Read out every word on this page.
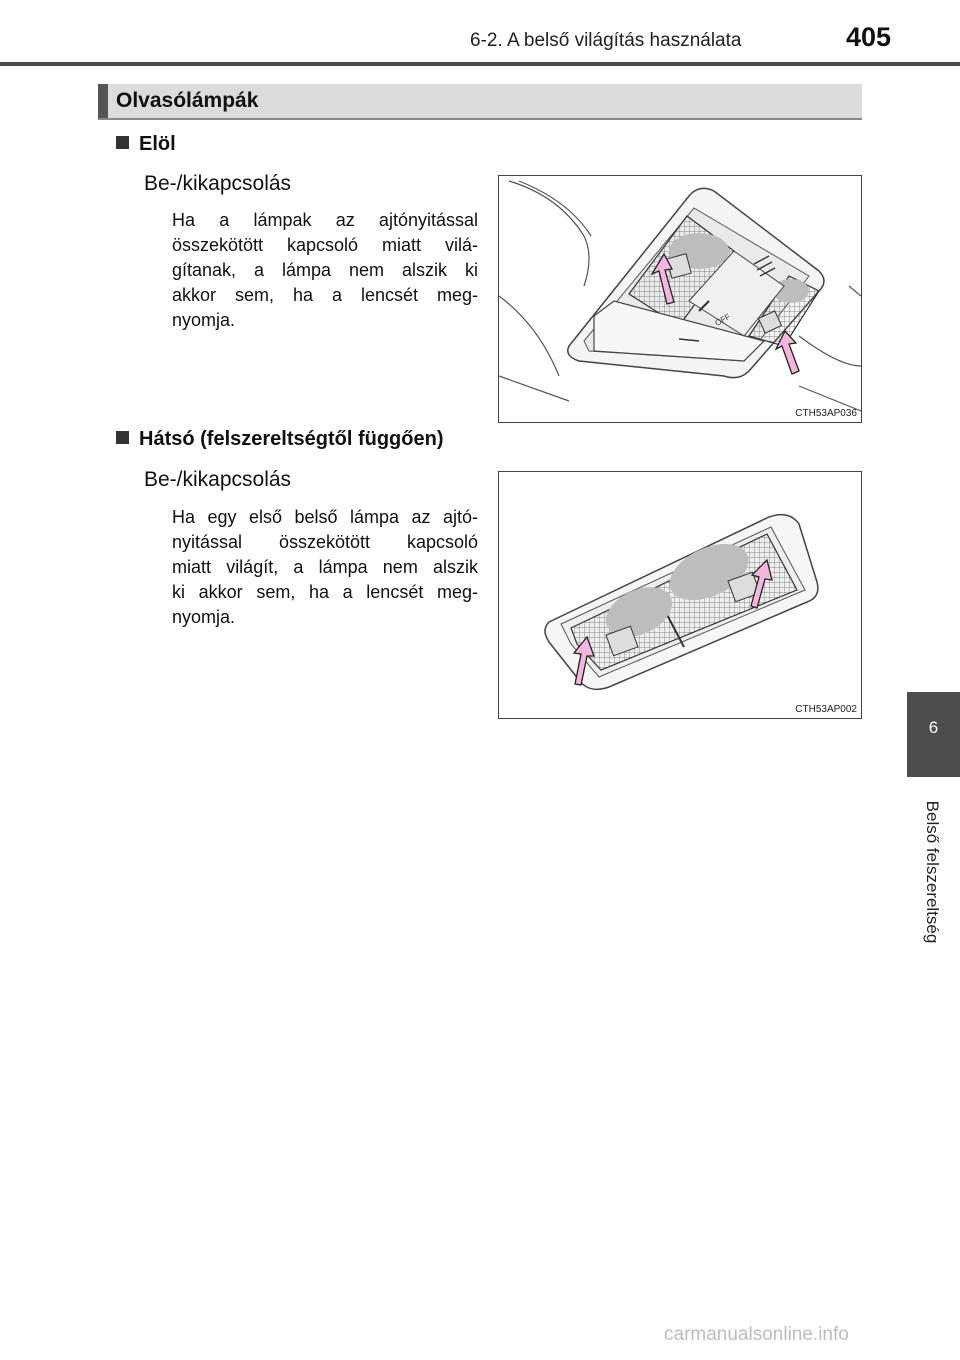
6-2. A belső világítás használata	405
Olvasólámpák
Elöl
Be-/kikapcsolás
Ha a lámpak az ajtónyitással
összekötött kapcsoló miatt vilá-
gítanak, a lámpa nem alszik ki
akkor sem, ha a lencsét meg-
nyomja.	OFF
CTH53AP036
Hátsó (felszereltségtől függően)
Be-/kikapcsolás
Ha egy első belső lámpa az ajtó-
nyitással összekötött kapcsoló
miatt világít, a lámpa nem alszik
ki akkor sem, ha a lencsét meg-
nyomja.
CTH53AP002
6
Belső felszereltség
carmanualsonline.info
